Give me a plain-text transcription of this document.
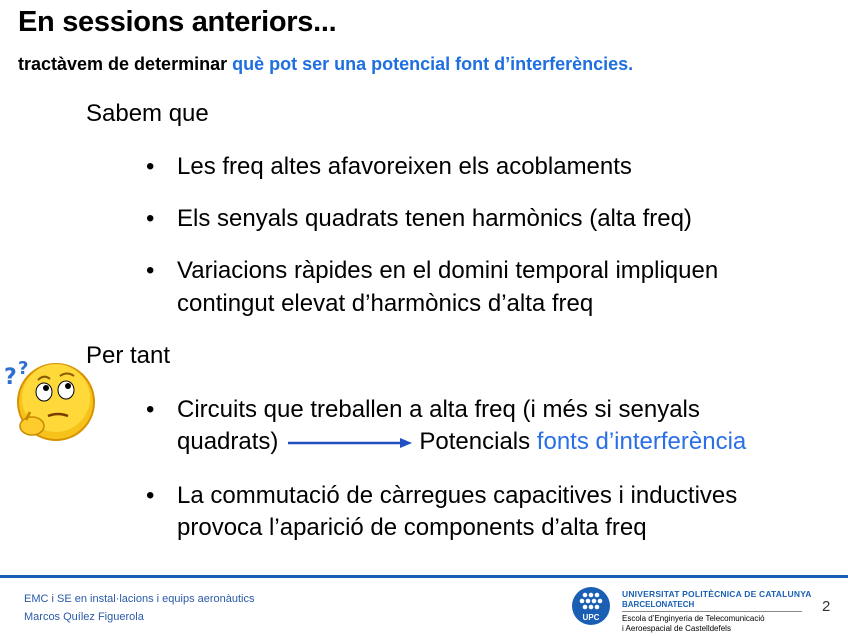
En sessions anteriors...
tractàvem de determinar què pot ser una potencial font d’interferències.
Sabem que
• Les freq altes afavoreixen els acoblaments
• Els senyals quadrats tenen harmònics (alta freq)
• Variacions ràpides en el domini temporal impliquen
contingut elevat d’harmònics d’alta freq
? ? Per tant
• Circuits que treballen a alta freq (i més si senyals
quadrats)	Potencials fonts d’interferència
• La commutació de càrregues capacitives i inductives
provoca l’aparició de components d’alta freq
EMC i SE en instal·lacions i equips aeronàutics
Marcos Quílez Figuerola	UPC
UNIVERSITAT POLITÈCNICA DE CATALUNYA
BARCELONATECH
Escola d’Enginyeria de Telecomunicació
i Aeroespacial de Castelldefels
2
